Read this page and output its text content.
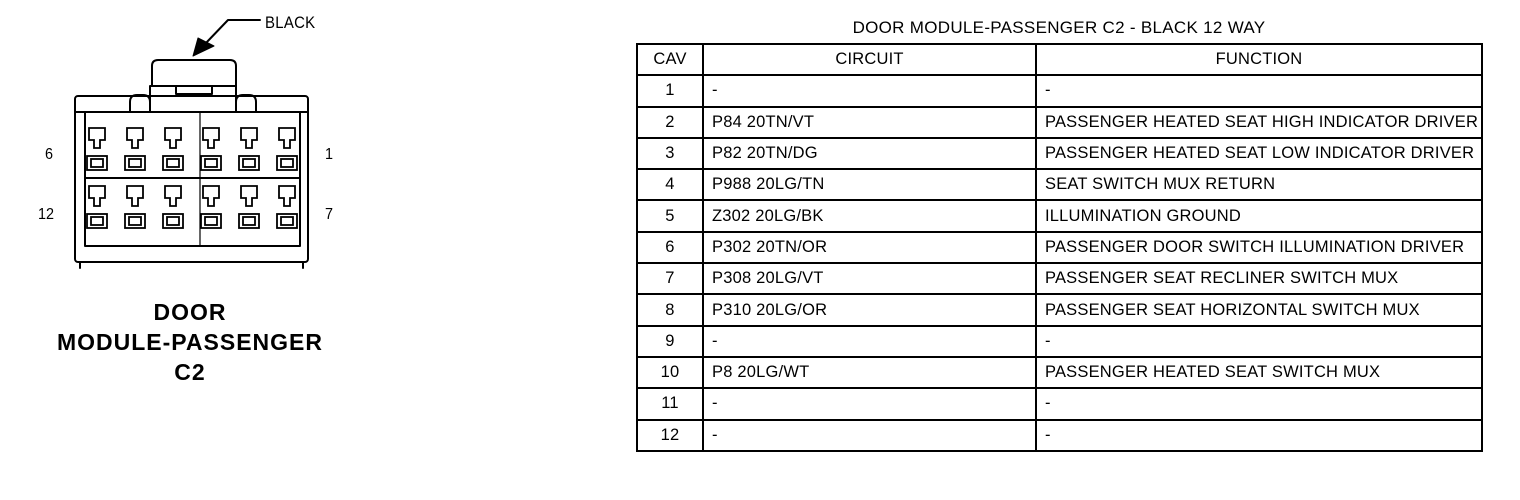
BLACK
6	1
12	7
DOOR
MODULE-PASSENGER
C2
DOOR MODULE-PASSENGER C2 - BLACK 12 WAY
CAV	CIRCUIT	FUNCTION
1	-	-
2	P84 20TN/VT	PASSENGER HEATED SEAT HIGH INDICATOR DRIVER
3	P82 20TN/DG	PASSENGER HEATED SEAT LOW INDICATOR DRIVER
4	P988 20LG/TN	SEAT SWITCH MUX RETURN
5	Z302 20LG/BK	ILLUMINATION GROUND
6	P302 20TN/OR	PASSENGER DOOR SWITCH ILLUMINATION DRIVER
7	P308 20LG/VT	PASSENGER SEAT RECLINER SWITCH MUX
8	P310 20LG/OR	PASSENGER SEAT HORIZONTAL SWITCH MUX
9	-	-
10	P8 20LG/WT	PASSENGER HEATED SEAT SWITCH MUX
11	-	-
12	-	-
